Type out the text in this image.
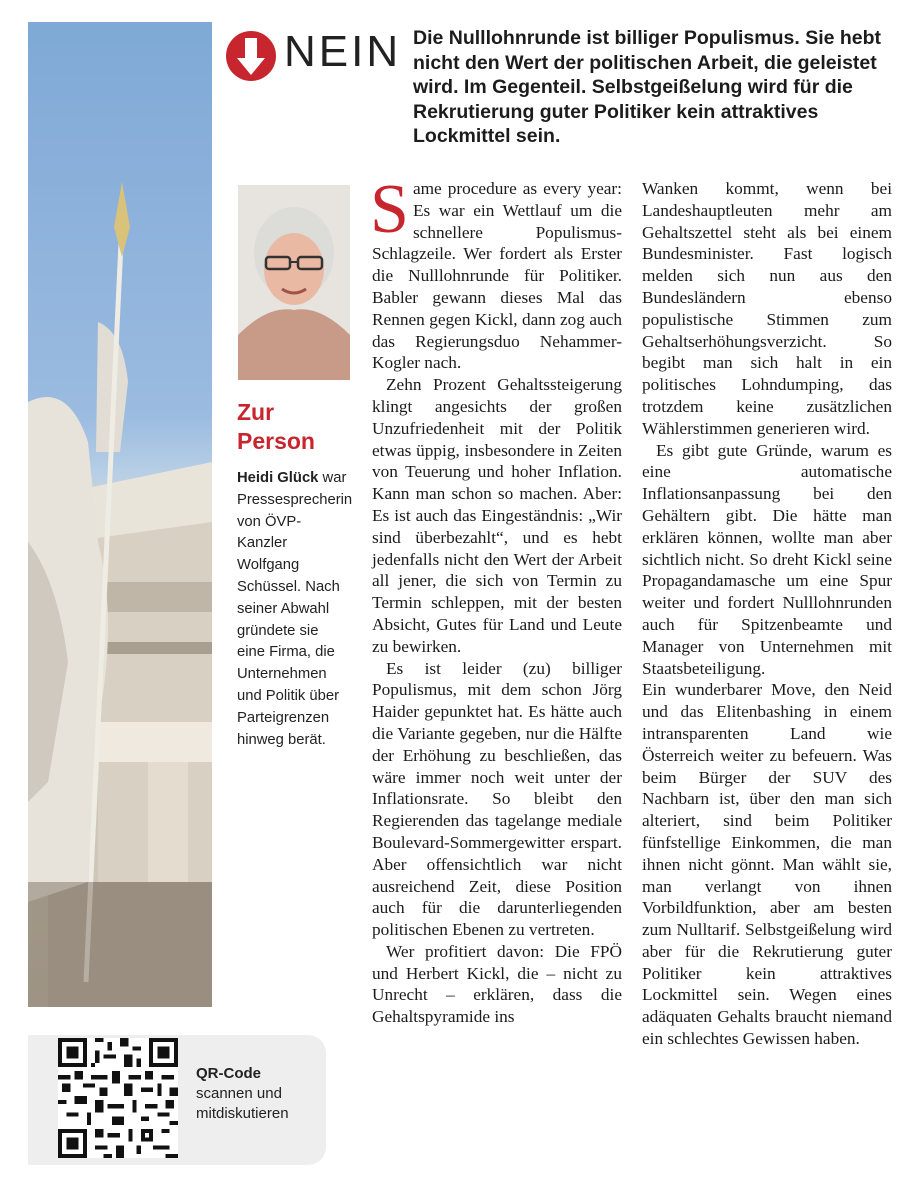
QR-Code
scannen und
mitdiskutieren
NEIN Die Nulllohnrunde ist billiger Populismus. Sie hebt nicht den Wert der politischen Arbeit, die geleistet wird. Im Gegenteil. Selbstgeißelung wird für die Rekrutierung guter Politiker kein attraktives Lockmittel sein.
Zur
Person
Heidi Glück war Pressesprecherin von ÖVP-Kanzler Wolfgang Schüssel. Nach seiner Abwahl gründete sie eine Firma, die Unternehmen und Politik über Parteigrenzen hinweg berät.

Same procedure as every year: Es war ein Wettlauf um die schnellere Populismus-Schlagzeile. Wer fordert als Erster die Nulllohnrunde für Politiker. Babler gewann dieses Mal das Rennen gegen Kickl, dann zog auch das Regierungsduo Nehammer-Kogler nach.

Zehn Prozent Gehaltssteigerung klingt angesichts der großen Unzufriedenheit mit der Politik etwas üppig, insbesondere in Zeiten von Teuerung und hoher Inflation. Kann man schon so machen. Aber: Es ist auch das Eingeständnis: „Wir sind überbezahlt“, und es hebt jedenfalls nicht den Wert der Arbeit all jener, die sich von Termin zu Termin schleppen, mit der besten Absicht, Gutes für Land und Leute zu bewirken.

Es ist leider (zu) billiger Populismus, mit dem schon Jörg Haider gepunktet hat. Es hätte auch die Variante gegeben, nur die Hälfte der Erhöhung zu beschließen, das wäre immer noch weit unter der Inflationsrate. So bleibt den Regierenden das tagelange mediale Boulevard-Sommergewitter erspart. Aber offensichtlich war nicht ausreichend Zeit, diese Position auch für die darunterliegenden politischen Ebenen zu vertreten.

Wer profitiert davon: Die FPÖ und Herbert Kickl, die – nicht zu Unrecht – erklären, dass die Gehaltspyramide ins

Wanken kommt, wenn bei Landeshauptleuten mehr am Gehaltszettel steht als bei einem Bundesminister. Fast logisch melden sich nun aus den Bundesländern ebenso populistische Stimmen zum Gehaltserhöhungsverzicht. So begibt man sich halt in ein politisches Lohndumping, das trotzdem keine zusätzlichen Wählerstimmen generieren wird.

Es gibt gute Gründe, warum es eine automatische Inflationsanpassung bei den Gehältern gibt. Die hätte man erklären können, wollte man aber sichtlich nicht. So dreht Kickl seine Propagandamasche um eine Spur weiter und fordert Nulllohnrunden auch für Spitzenbeamte und Manager von Unternehmen mit Staatsbeteiligung.

Ein wunderbarer Move, den Neid und das Elitenbashing in einem intransparenten Land wie Österreich weiter zu befeuern. Was beim Bürger der SUV des Nachbarn ist, über den man sich alteriert, sind beim Politiker fünfstellige Einkommen, die man ihnen nicht gönnt. Man wählt sie, man verlangt von ihnen Vorbildfunktion, aber am besten zum Nulltarif. Selbstgeißelung wird aber für die Rekrutierung guter Politiker kein attraktives Lockmittel sein. Wegen eines adäquaten Gehalts braucht niemand ein schlechtes Gewissen haben.
